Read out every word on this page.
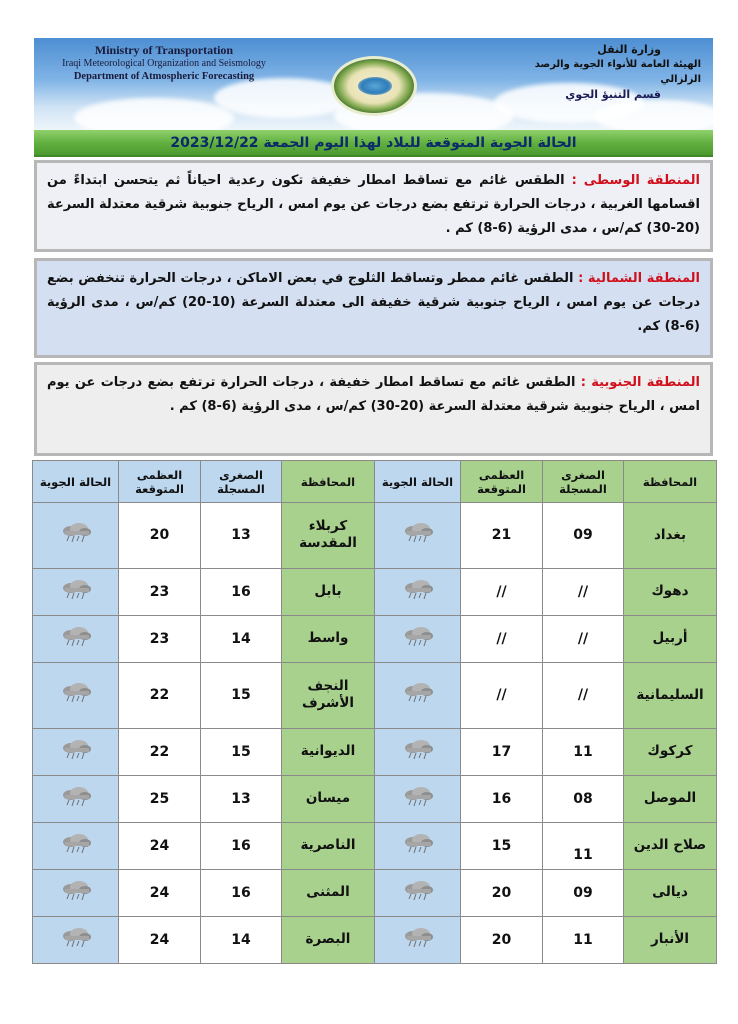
Ministry of Transportation
Iraqi Meteorological Organization and Seismology
Department of Atmospheric Forecasting
وزارة النقل
الهيئة العامة للأنواء الجوية والرصد الزلزالي
قسم التنبؤ الجوي
الحالة الجوية المتوقعة للبلاد لهذا اليوم الجمعة 2023/12/22
المنطقة الوسطى : الطقس غائم مع تساقط امطار خفيفة تكون رعدية احياناً ثم يتحسن ابتداءً من اقسامها الغربية ، درجات الحرارة ترتفع بضع درجات عن يوم امس ، الرياح جنوبية شرقية معتدلة السرعة (20-30) كم/س ، مدى الرؤية (6-8) كم .
المنطقة الشمالية : الطقس غائم ممطر وتساقط الثلوج في بعض الاماكن ، درجات الحرارة تنخفض بضع درجات عن يوم امس ، الرياح جنوبية شرقية خفيفة الى معتدلة السرعة (10-20) كم/س ، مدى الرؤية (6-8) كم.
المنطقة الجنوبية : الطقس غائم مع تساقط امطار خفيفة ، درجات الحرارة ترتفع بضع درجات عن يوم امس ، الرياح جنوبية شرقية معتدلة السرعة (20-30) كم/س ، مدى الرؤية (6-8) كم .
المحافظة	الصغرى المسجلة	العظمى المتوقعة	الحالة الجوية	المحافظة	الصغرى المسجلة	العظمى المتوقعة	الحالة الجوية
بغداد	09	21		كربلاء المقدسة	13	20	
دهوك	//	//		بابل	16	23	
أربيل	//	//		واسط	14	23	
السليمانية	//	//		النجف الأشرف	15	22	
كركوك	11	17		الديوانية	15	22	
الموصل	08	16		ميسان	13	25	
صلاح الدين	11	15		الناصرية	16	24	
ديالى	09	20		المثنى	16	24	
الأنبار	11	20		البصرة	14	24	
